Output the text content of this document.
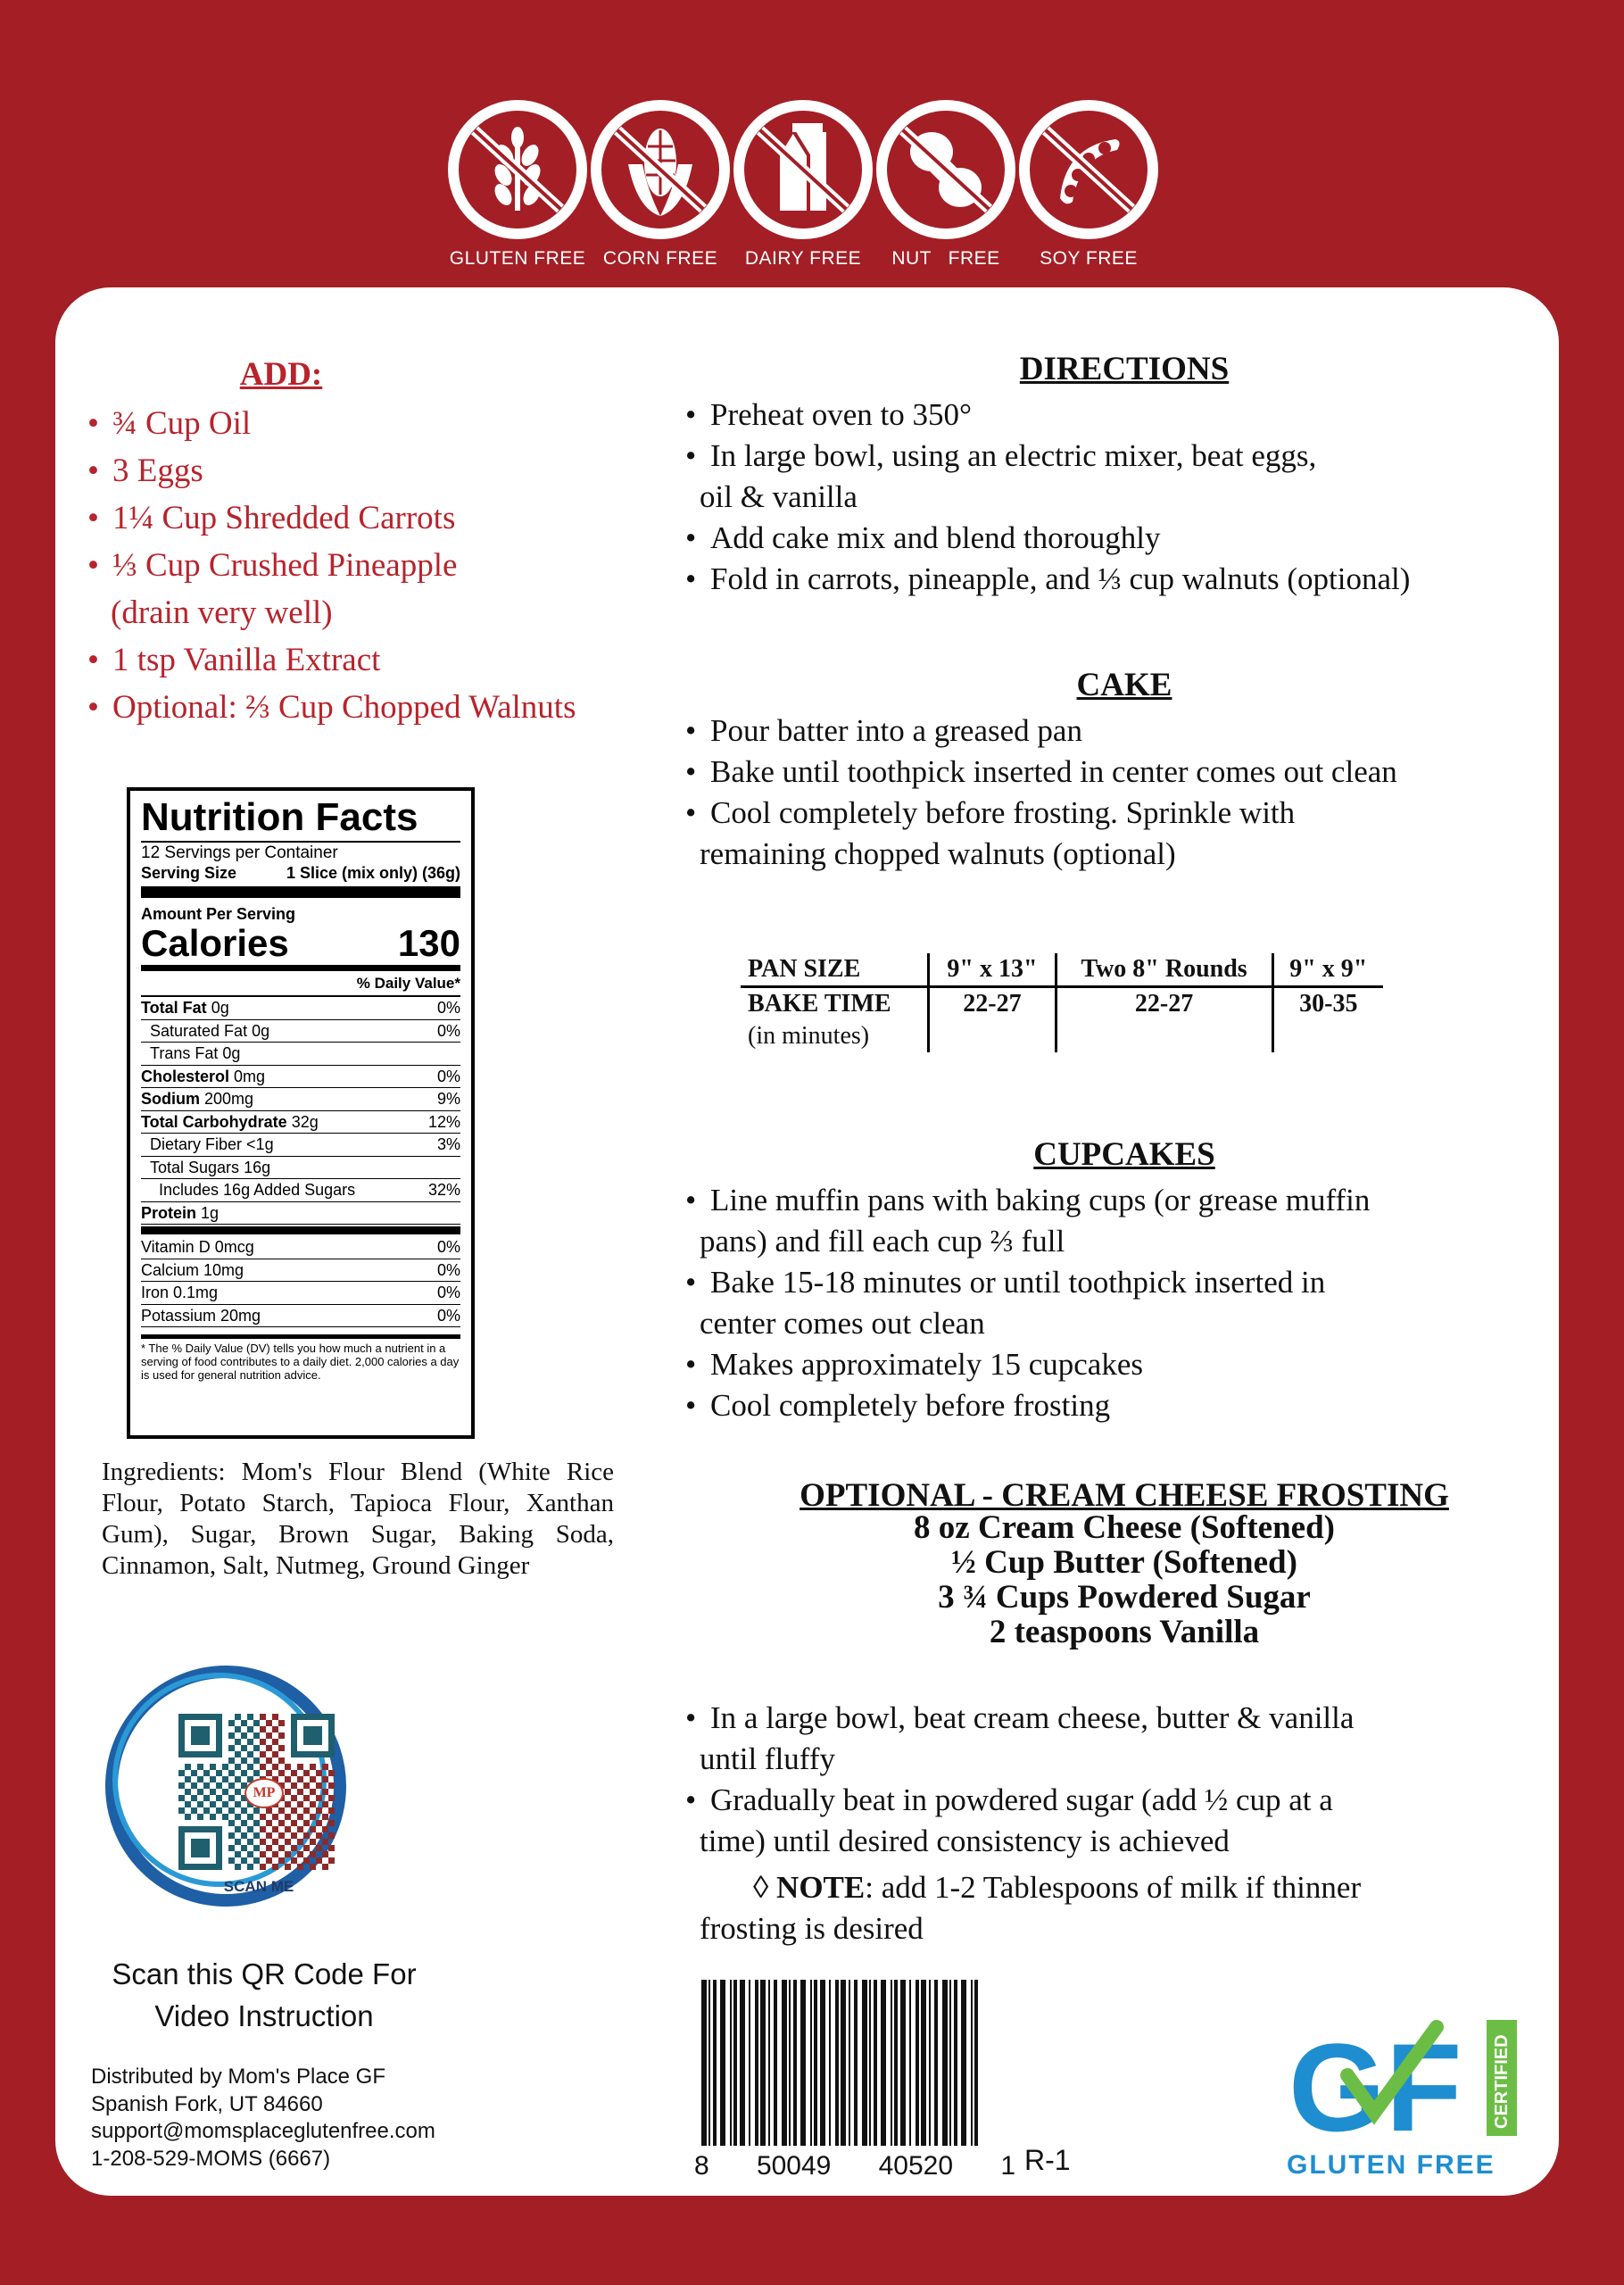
GLUTEN FREE CORN FREE	DAIRY FREE	NUT   FREE	SOY FREE
ADD:
• ¾ Cup Oil
• 3 Eggs
• 1¼ Cup Shredded Carrots
• ⅓ Cup Crushed Pineapple
(drain very well)
• 1 tsp Vanilla Extract
• Optional: ⅔ Cup Chopped Walnuts
Nutrition Facts
12 Servings per Container
Serving Size	1 Slice (mix only) (36g)
Amount Per Serving
Calories	130
% Daily Value*
Total Fat 0g	0%
Saturated Fat 0g	0%
Trans Fat 0g
Cholesterol 0mg	0%
Sodium 200mg	9%
Total Carbohydrate 32g	12%
Dietary Fiber <1g	3%
Total Sugars 16g
Includes 16g Added Sugars	32%
Protein 1g
Vitamin D 0mcg	0%
Calcium 10mg	0%
Iron 0.1mg	0%
Potassium 20mg	0%
* The % Daily Value (DV) tells you how much a nutrient in a serving of food contributes to a daily diet. 2,000 calories a day is used for general nutrition advice.
Ingredients: Mom's Flour Blend (White Rice Flour, Potato Starch, Tapioca Flour, Xanthan Gum), Sugar, Brown Sugar, Baking Soda, Cinnamon, Salt, Nutmeg, Ground Ginger
MP
SCAN ME
Scan this QR Code For
Video Instruction
Distributed by Mom's Place GF
Spanish Fork, UT 84660
support@momsplaceglutenfree.com
1-208-529-MOMS (6667)
DIRECTIONS
• Preheat oven to 350°
• In large bowl, using an electric mixer, beat eggs,
oil & vanilla
• Add cake mix and blend thoroughly
• Fold in carrots, pineapple, and ⅓ cup walnuts (optional)
CAKE
• Pour batter into a greased pan
• Bake until toothpick inserted in center comes out clean
• Cool completely before frosting. Sprinkle with
remaining chopped walnuts (optional)
PAN SIZE	9" x 13"	Two 8" Rounds	9" x 9"
BAKE TIME	22-27	22-27	30-35
(in minutes)			
CUPCAKES
• Line muffin pans with baking cups (or grease muffin
pans) and fill each cup ⅔ full
• Bake 15-18 minutes or until toothpick inserted in
center comes out clean
• Makes approximately 15 cupcakes
• Cool completely before frosting
OPTIONAL - CREAM CHEESE FROSTING
8 oz Cream Cheese (Softened)
½ Cup Butter (Softened)
3 ¾ Cups Powdered Sugar
2 teaspoons Vanilla
• In a large bowl, beat cream cheese, butter & vanilla
until fluffy
• Gradually beat in powdered sugar (add ½ cup at a
time) until desired consistency is achieved
◊ NOTE: add 1-2 Tablespoons of milk if thinner
frosting is desired
8 50049 40520 1 R-1
GF CERTIFIED
GLUTEN FREE
